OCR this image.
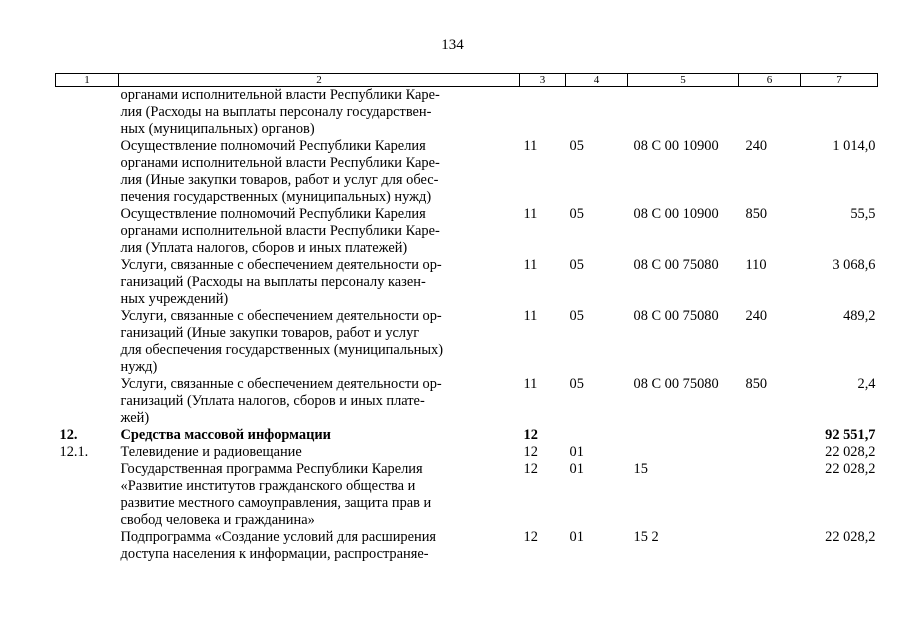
134
1	2	3	4	5	6	7

	органами исполнительной власти Республики Каре-
лия (Расходы на выплаты персоналу государствен-
ных (муниципальных) органов)					

	Осуществление полномочий Республики Карелия
органами исполнительной власти Республики Каре-
лия (Иные закупки товаров, работ и услуг для обес-
печения государственных (муниципальных) нужд)	11	05	08 С 00 10900	240	1 014,0

	Осуществление полномочий Республики Карелия
органами исполнительной власти Республики Каре-
лия (Уплата налогов, сборов и иных платежей)	11	05	08 С 00 10900	850	55,5

	Услуги, связанные с обеспечением деятельности ор-
ганизаций (Расходы на выплаты персоналу казен-
ных учреждений)	11	05	08 С 00 75080	110	3 068,6

	Услуги, связанные с обеспечением деятельности ор-
ганизаций (Иные закупки товаров, работ и услуг
для обеспечения государственных (муниципальных)
нужд)	11	05	08 С 00 75080	240	489,2

	Услуги, связанные с обеспечением деятельности ор-
ганизаций (Уплата налогов, сборов и иных плате-
жей)	11	05	08 С 00 75080	850	2,4
12.	Средства массовой информации	12				92 551,7
12.1.	Телевидение и радиовещание	12	01			22 028,2

	Государственная программа Республики Карелия
«Развитие институтов гражданского общества и
развитие местного самоуправления, защита прав и
свобод человека и гражданина»	12	01	15		22 028,2

	Подпрограмма «Создание условий для расширения
доступа населения к информации, распространяе-	12	01	15 2		22 028,2
